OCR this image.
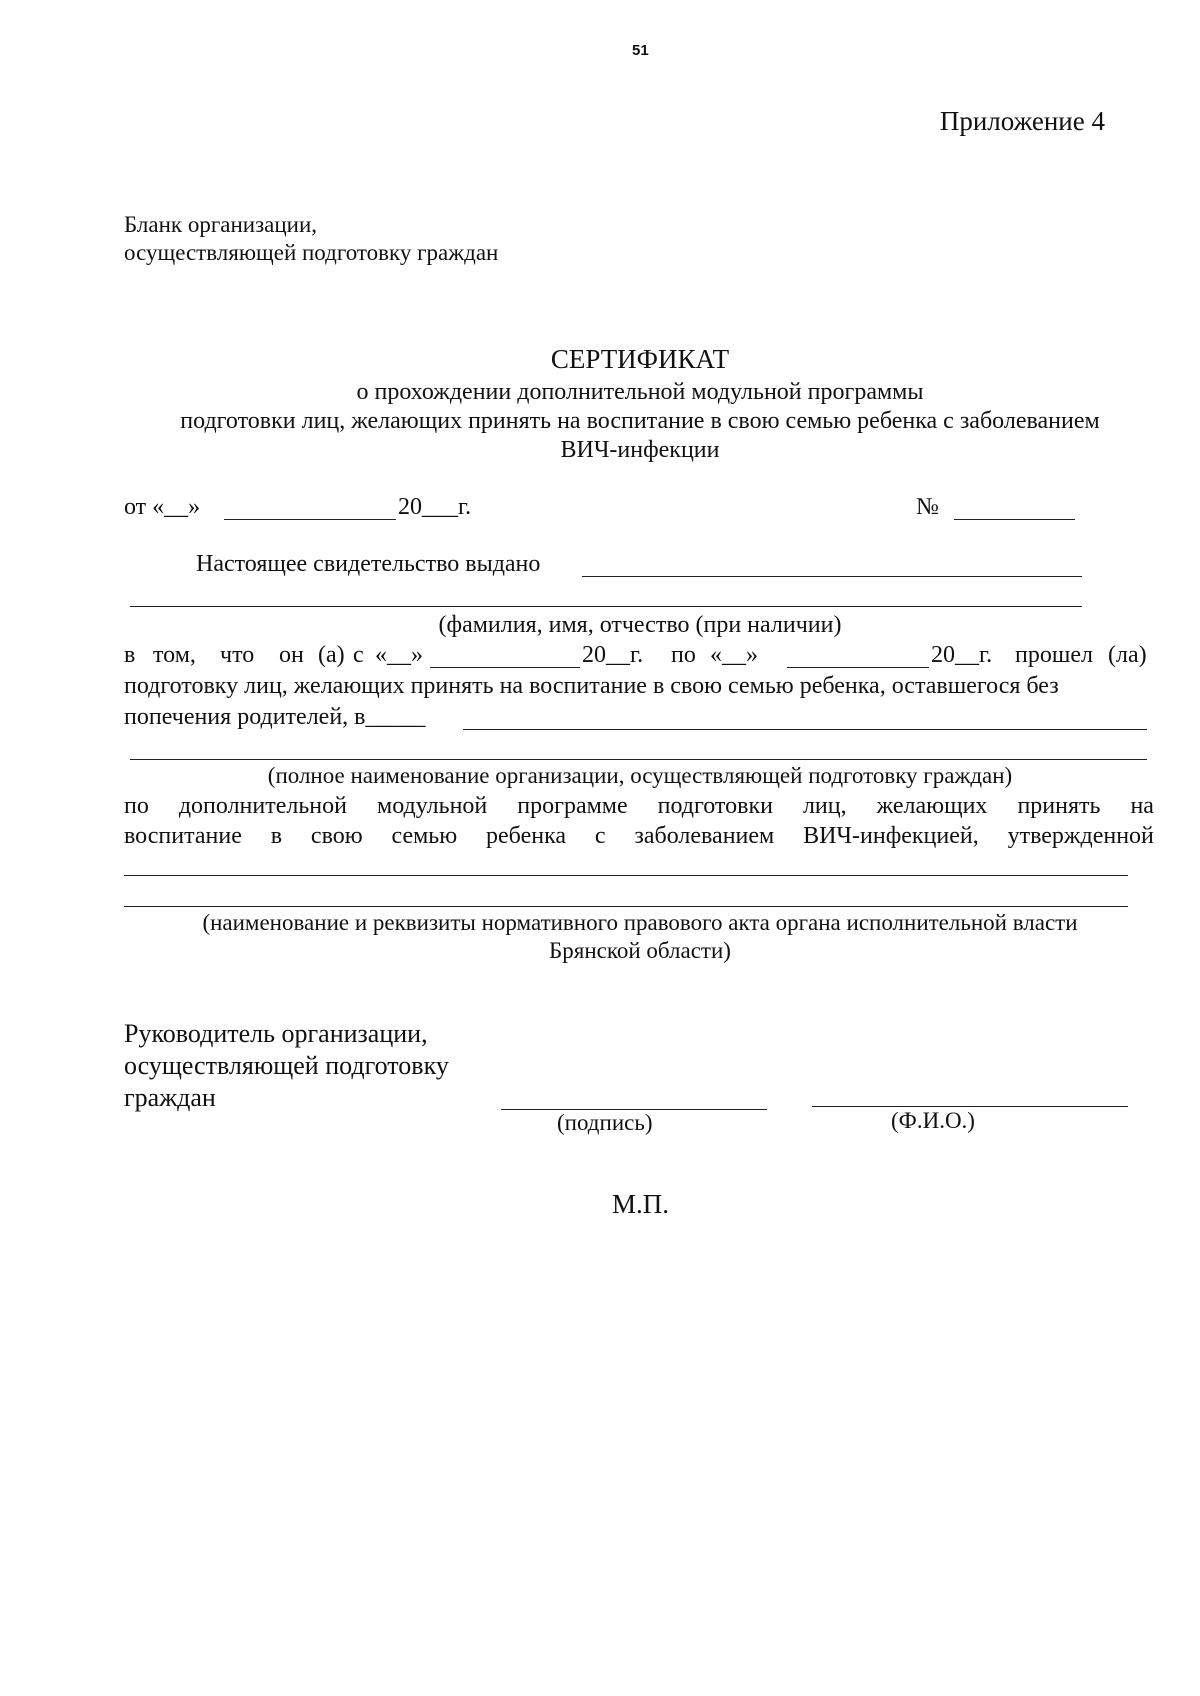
51
Приложение 4
Бланк организации,
осуществляющей подготовку граждан
СЕРТИФИКАТ
о прохождении дополнительной модульной программы
подготовки лиц, желающих принять на воспитание в свою семью ребенка с заболеванием
ВИЧ-инфекции
от «__»	20___г.	№
Настоящее свидетельство выдано
(фамилия, имя, отчество (при наличии)
в том, что он (а) с «__»	20__г. по «__»	20__г. прошел (ла)
подготовку лиц, желающих принять на воспитание в свою семью ребенка, оставшегося без
попечения родителей, в_____
(полное наименование организации, осуществляющей подготовку граждан)
по дополнительной модульной программе подготовки лиц, желающих принять на
воспитание в свою семью ребенка с заболеванием ВИЧ-инфекцией, утвержденной
(наименование и реквизиты нормативного правового акта органа исполнительной власти
Брянской области)
Руководитель организации,
осуществляющей подготовку
граждан
(подпись)	(Ф.И.О.)
М.П.
